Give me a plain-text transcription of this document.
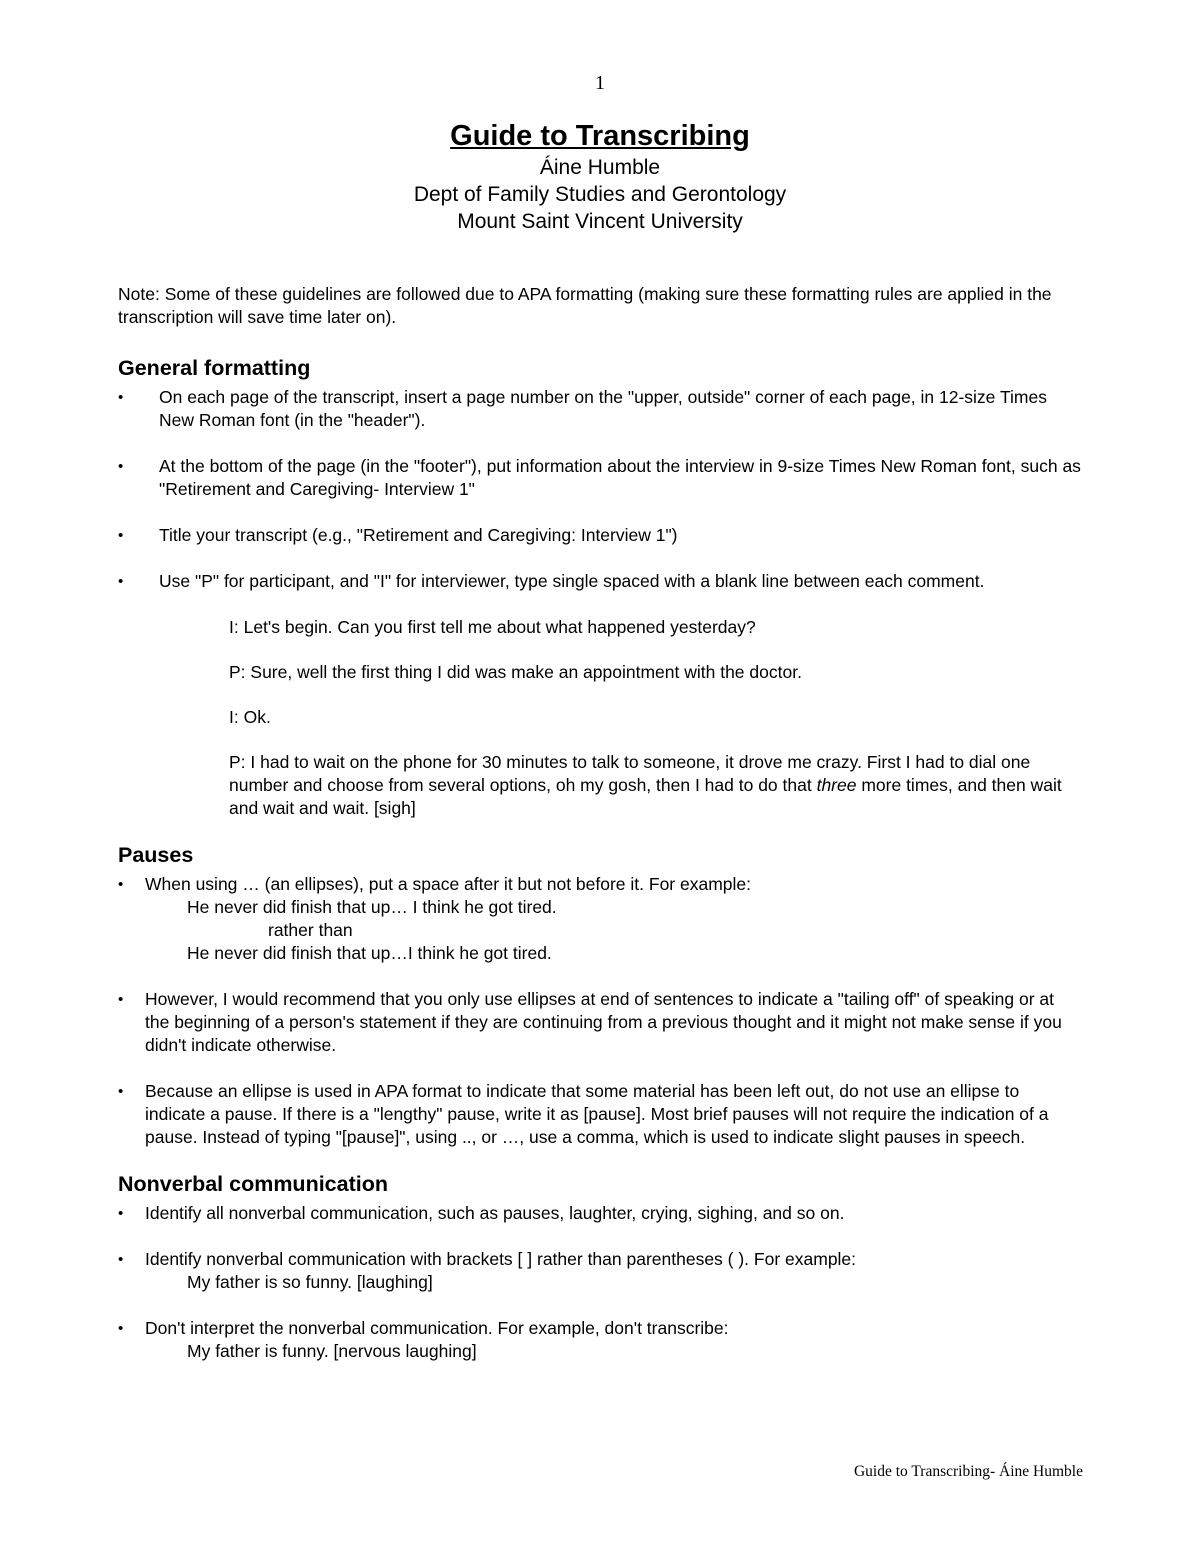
1
Guide to Transcribing
Áine Humble
Dept of Family Studies and Gerontology
Mount Saint Vincent University

Note: Some of these guidelines are followed due to APA formatting (making sure these formatting rules are applied in the transcription will save time later on).

General formatting
• On each page of the transcript, insert a page number on the "upper, outside" corner of each page, in 12-size Times New Roman font (in the "header").
• At the bottom of the page (in the "footer"), put information about the interview in 9-size Times New Roman font, such as "Retirement and Caregiving- Interview 1"
• Title your transcript (e.g., "Retirement and Caregiving: Interview 1")
• Use "P" for participant, and "I" for interviewer, type single spaced with a blank line between each comment.

I: Let's begin. Can you first tell me about what happened yesterday?

P: Sure, well the first thing I did was make an appointment with the doctor.

I: Ok.

P: I had to wait on the phone for 30 minutes to talk to someone, it drove me crazy. First I had to dial one number and choose from several options, oh my gosh, then I had to do that three more times, and then wait and wait and wait. [sigh]

Pauses
• When using … (an ellipses), put a space after it but not before it. For example:
He never did finish that up… I think he got tired.
rather than
He never did finish that up…I think he got tired.
• However, I would recommend that you only use ellipses at end of sentences to indicate a "tailing off" of speaking or at the beginning of a person's statement if they are continuing from a previous thought and it might not make sense if you didn't indicate otherwise.
• Because an ellipse is used in APA format to indicate that some material has been left out, do not use an ellipse to indicate a pause. If there is a "lengthy" pause, write it as [pause]. Most brief pauses will not require the indication of a pause. Instead of typing "[pause]", using .., or …, use a comma, which is used to indicate slight pauses in speech.
Nonverbal communication
• Identify all nonverbal communication, such as pauses, laughter, crying, sighing, and so on.
• Identify nonverbal communication with brackets [ ] rather than parentheses ( ). For example:
My father is so funny. [laughing]
• Don't interpret the nonverbal communication. For example, don't transcribe:
My father is funny. [nervous laughing]
Guide to Transcribing- Áine Humble
